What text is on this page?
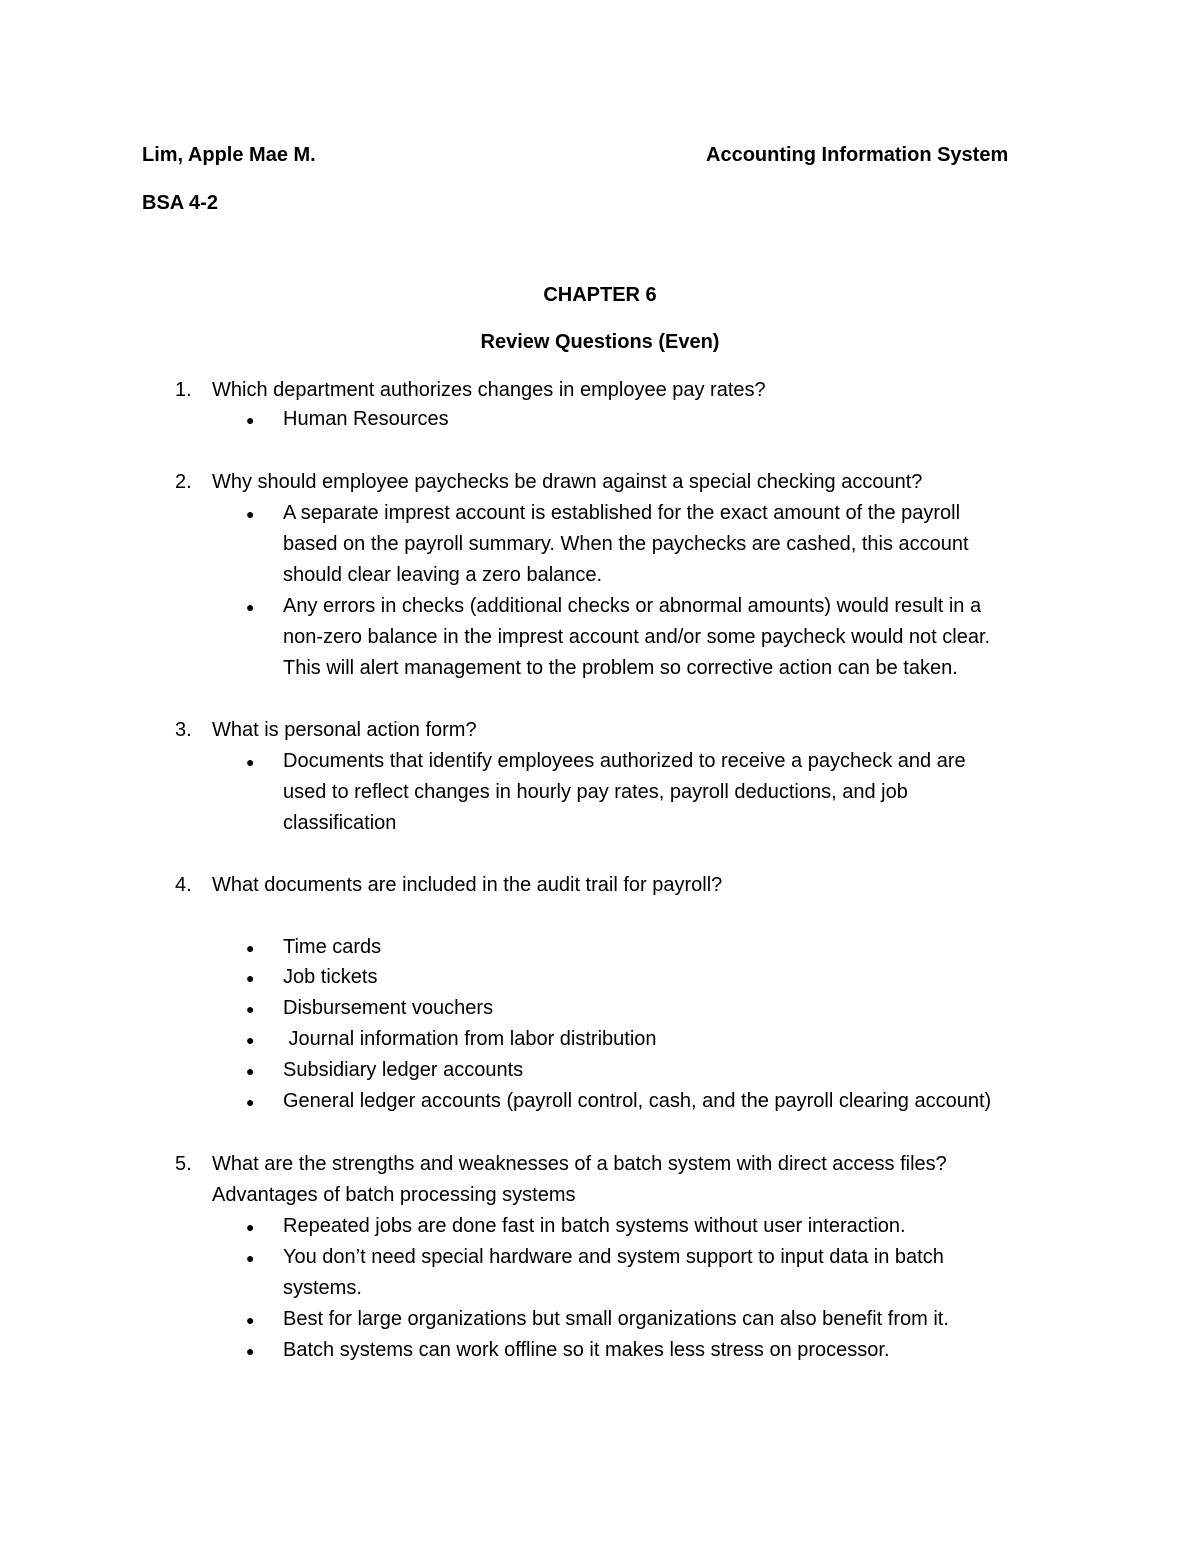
Lim, Apple Mae M.	Accounting Information System
BSA 4-2
CHAPTER 6
Review Questions (Even)
1. Which department authorizes changes in employee pay rates?
● Human Resources
2. Why should employee paychecks be drawn against a special checking account?
● A separate imprest account is established for the exact amount of the payroll
based on the payroll summary. When the paychecks are cashed, this account
should clear leaving a zero balance.
● Any errors in checks (additional checks or abnormal amounts) would result in a
non-zero balance in the imprest account and/or some paycheck would not clear.
This will alert management to the problem so corrective action can be taken.
3. What is personal action form?
● Documents that identify employees authorized to receive a paycheck and are
used to reflect changes in hourly pay rates, payroll deductions, and job
classification
4. What documents are included in the audit trail for payroll?
● Time cards
● Job tickets
● Disbursement vouchers
● Journal information from labor distribution
● Subsidiary ledger accounts
● General ledger accounts (payroll control, cash, and the payroll clearing account)
5. What are the strengths and weaknesses of a batch system with direct access files?
Advantages of batch processing systems
● Repeated jobs are done fast in batch systems without user interaction.
● You don’t need special hardware and system support to input data in batch
systems.
● Best for large organizations but small organizations can also benefit from it.
● Batch systems can work offline so it makes less stress on processor.
